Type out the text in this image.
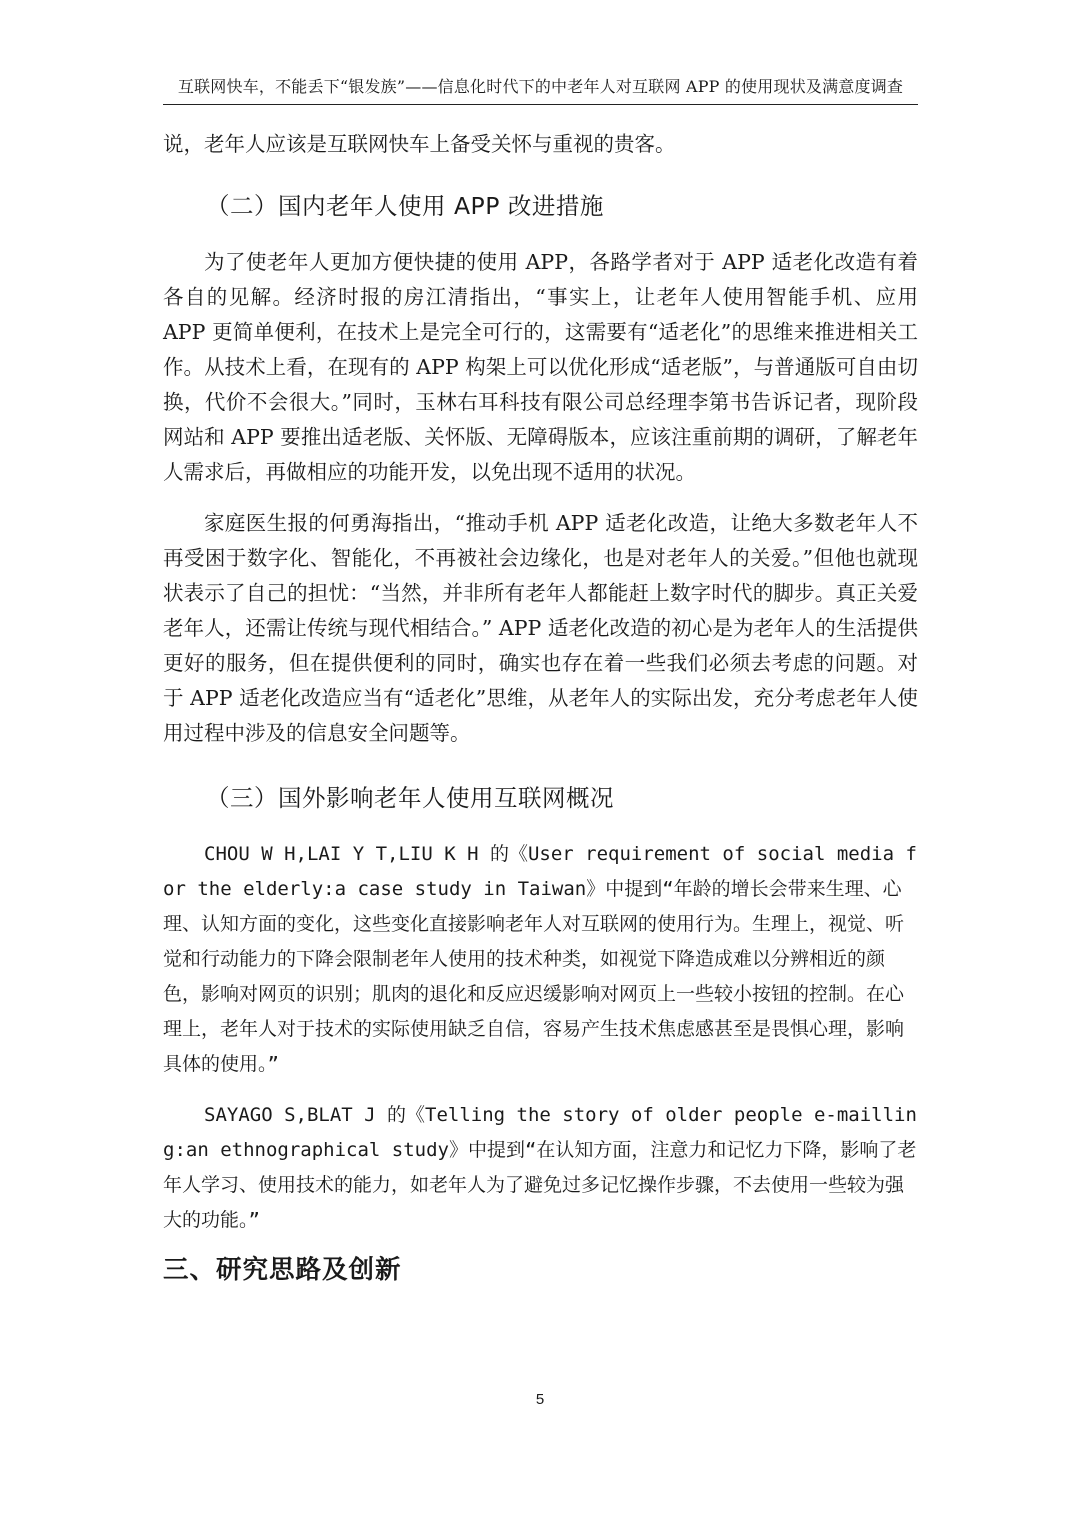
互联网快车，不能丢下“银发族”——信息化时代下的中老年人对互联网 APP 的使用现状及满意度调查

说，老年人应该是互联网快车上备受关怀与重视的贵客。

（二）国内老年人使用 APP 改进措施

为了使老年人更加方便快捷的使用 APP，各路学者对于 APP 适老化改造有着各自的见解。经济时报的房江清指出，“事实上，让老年人使用智能手机、应用 APP 更简单便利，在技术上是完全可行的，这需要有“适老化”的思维来推进相关工作。从技术上看，在现有的 APP 构架上可以优化形成“适老版”，与普通版可自由切换，代价不会很大。”同时，玉林右耳科技有限公司总经理李第书告诉记者，现阶段网站和 APP 要推出适老版、关怀版、无障碍版本，应该注重前期的调研，了解老年人需求后，再做相应的功能开发，以免出现不适用的状况。

家庭医生报的何勇海指出，“推动手机 APP 适老化改造，让绝大多数老年人不再受困于数字化、智能化，不再被社会边缘化，也是对老年人的关爱。”但他也就现状表示了自己的担忧：“当然，并非所有老年人都能赶上数字时代的脚步。真正关爱老年人，还需让传统与现代相结合。” APP 适老化改造的初心是为老年人的生活提供更好的服务，但在提供便利的同时，确实也存在着一些我们必须去考虑的问题。对于 APP 适老化改造应当有“适老化”思维，从老年人的实际出发，充分考虑老年人使用过程中涉及的信息安全问题等。

（三）国外影响老年人使用互联网概况

CHOU W H,LAI Y T,LIU K H 的《User requirement of social media for the elderly:a case study in Taiwan》中提到“年龄的增长会带来生理、心理、认知方面的变化，这些变化直接影响老年人对互联网的使用行为。生理上，视觉、听觉和行动能力的下降会限制老年人使用的技术种类，如视觉下降造成难以分辨相近的颜色，影响对网页的识别；肌肉的退化和反应迟缓影响对网页上一些较小按钮的控制。在心理上，老年人对于技术的实际使用缺乏自信，容易产生技术焦虑感甚至是畏惧心理，影响具体的使用。”

SAYAGO S,BLAT J 的《Telling the story of older people e-mailling:an ethnographical study》中提到“在认知方面，注意力和记忆力下降，影响了老年人学习、使用技术的能力，如老年人为了避免过多记忆操作步骤，不去使用一些较为强大的功能。”

三、研究思路及创新
5
